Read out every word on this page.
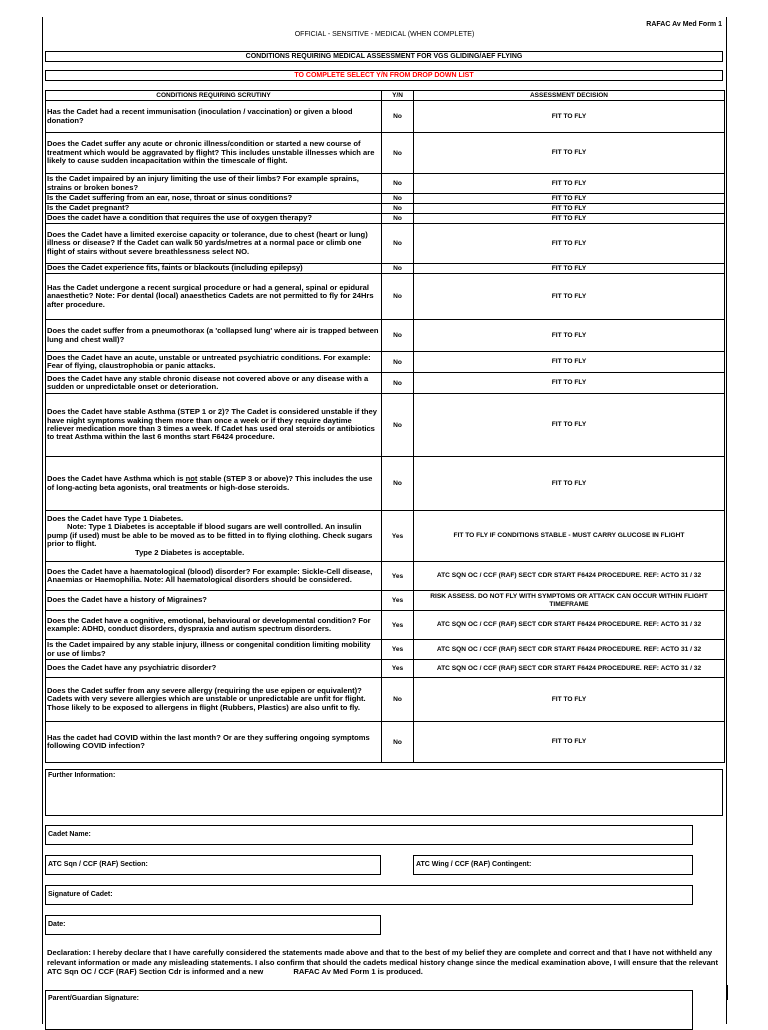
RAFAC Av Med Form 1
OFFICIAL - SENSITIVE - MEDICAL (WHEN COMPLETE)
CONDITIONS REQUIRING MEDICAL ASSESSMENT FOR VGS GLIDING/AEF FLYING
TO COMPLETE SELECT Y/N FROM DROP DOWN LIST
CONDITIONS REQUIRING SCRUTINY	Y/N	ASSESSMENT DECISION
Has the Cadet had a recent immunisation (inoculation / vaccination) or given a blood donation?	No	FIT TO FLY
Does the Cadet suffer any acute or chronic illness/condition or started a new course of treatment which would be aggravated by flight? This includes unstable illnesses which are likely to cause sudden incapacitation within the timescale of flight.	No	FIT TO FLY
Is the Cadet impaired by an injury limiting the use of their limbs? For example sprains, strains or broken bones?	No	FIT TO FLY
Is the Cadet suffering from an ear, nose, throat or sinus conditions?	No	FIT TO FLY
Is the Cadet pregnant?	No	FIT TO FLY
Does the cadet have a condition that requires the use of oxygen therapy?	No	FIT TO FLY
Does the Cadet have a limited exercise capacity or tolerance, due to chest (heart or lung) illness or disease? If the Cadet can walk 50 yards/metres at a normal pace or climb one flight of stairs without severe breathlessness select NO.	No	FIT TO FLY
Does the Cadet experience fits, faints or blackouts (including epilepsy)	No	FIT TO FLY
Has the Cadet undergone a recent surgical procedure or had a general, spinal or epidural anaesthetic? Note: For dental (local) anaesthetics Cadets are not permitted to fly for 24Hrs after procedure.	No	FIT TO FLY
Does the cadet suffer from a pneumothorax (a 'collapsed lung' where air is trapped between lung and chest wall)?	No	FIT TO FLY
Does the Cadet have an acute, unstable or untreated psychiatric conditions. For example: Fear of flying, claustrophobia or panic attacks.	No	FIT TO FLY
Does the Cadet have any stable chronic disease not covered above or any disease with a sudden or unpredictable onset or deterioration.	No	FIT TO FLY
Does the Cadet have stable Asthma (STEP 1 or 2)? The Cadet is considered unstable if they have night symptoms waking them more than once a week or if they require daytime reliever medication more than 3 times a week. If Cadet has used oral steroids or antibiotics to treat Asthma within the last 6 months start F6424 procedure.	No	FIT TO FLY
Does the Cadet have Asthma which is not stable (STEP 3 or above)? This includes the use of long-acting beta agonists, oral treatments or high-dose steroids.	No	FIT TO FLY

Does the Cadet have Type 1 Diabetes.
Note: Type 1 Diabetes is acceptable if blood sugars are well controlled. An insulin pump (if used) must be able to be moved as to be fitted in to flying clothing. Check sugars prior to flight.
Type 2 Diabetes is acceptable.	Yes	FIT TO FLY IF CONDITIONS STABLE - MUST CARRY GLUCOSE IN FLIGHT
Does the Cadet have a haematological (blood) disorder? For example: Sickle-Cell disease, Anaemias or Haemophilia. Note: All haematological disorders should be considered.	Yes	ATC SQN OC / CCF (RAF) SECT CDR START F6424 PROCEDURE. REF: ACTO 31 / 32
Does the Cadet have a history of Migraines?	Yes	RISK ASSESS. DO NOT FLY WITH SYMPTOMS OR ATTACK CAN OCCUR WITHIN FLIGHT TIMEFRAME
Does the Cadet have a cognitive, emotional, behavioural or developmental condition? For example: ADHD, conduct disorders, dyspraxia and autism spectrum disorders.	Yes	ATC SQN OC / CCF (RAF) SECT CDR START F6424 PROCEDURE. REF: ACTO 31 / 32
Is the Cadet impaired by any stable injury, illness or congenital condition limiting mobility or use of limbs?	Yes	ATC SQN OC / CCF (RAF) SECT CDR START F6424 PROCEDURE. REF: ACTO 31 / 32
Does the Cadet have any psychiatric disorder?	Yes	ATC SQN OC / CCF (RAF) SECT CDR START F6424 PROCEDURE. REF: ACTO 31 / 32
Does the Cadet suffer from any severe allergy (requiring the use epipen or equivalent)? Cadets with very severe allergies which are unstable or unpredictable are unfit for flight. Those likely to be exposed to allergens in flight (Rubbers, Plastics) are also unfit to fly.	No	FIT TO FLY
Has the cadet had COVID within the last month? Or are they suffering ongoing symptoms following COVID infection?	No	FIT TO FLY
Further Information:
Cadet Name:
ATC Sqn / CCF (RAF) Section:	ATC Wing / CCF (RAF) Contingent:
Signature of Cadet:
Date:
Declaration: I hereby declare that I have carefully considered the statements made above and that to the best of my belief they are complete and correct and that I have not withheld any relevant information or made any misleading statements. I also confirm that should the cadets medical history change since the medical examination above, I will ensure that the relevant ATC Sqn OC / CCF (RAF) Section Cdr is informed and a new	RAFAC Av Med Form 1 is produced.
Parent/Guardian Signature:
